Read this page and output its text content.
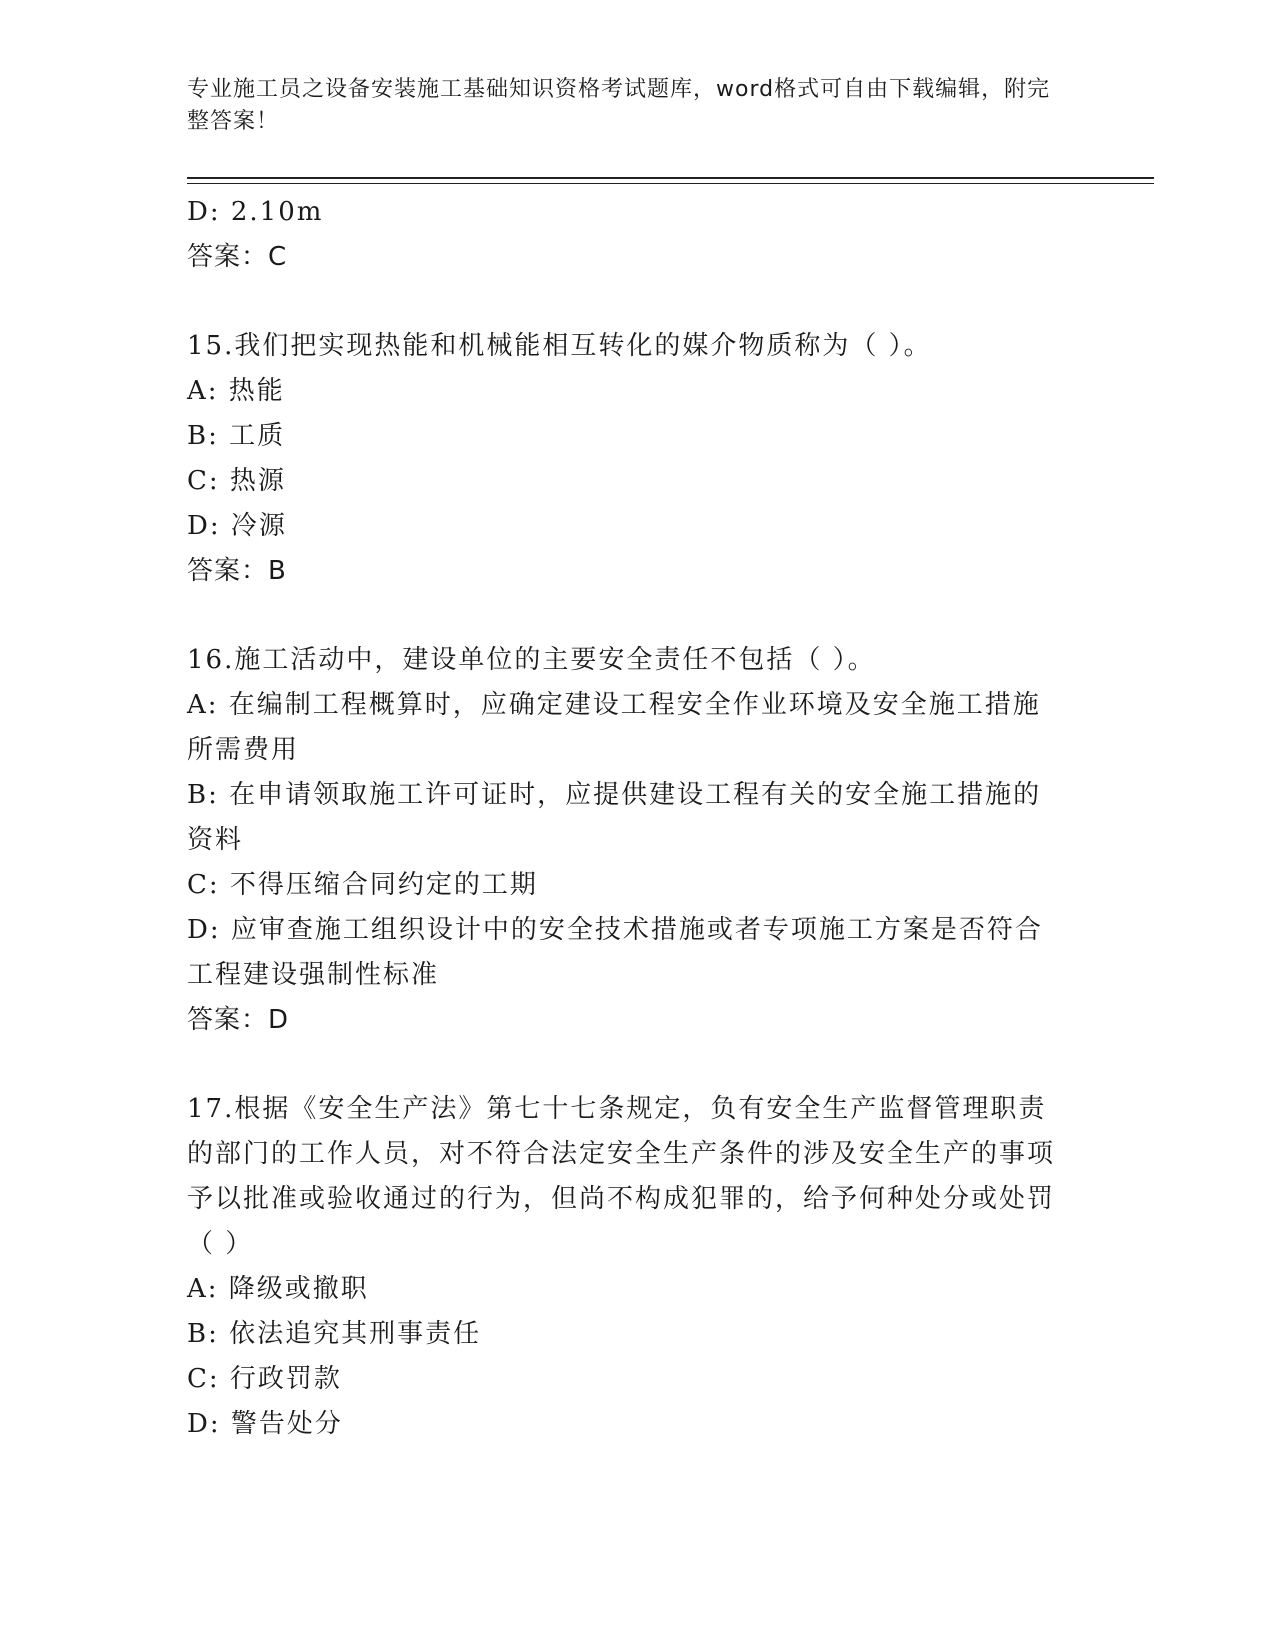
专业施工员之设备安装施工基础知识资格考试题库，word格式可自由下载编辑，附完整答案！

D: 2.10m

答案：C

15.我们把实现热能和机械能相互转化的媒介物质称为（ ）。

A: 热能

B: 工质

C: 热源

D: 冷源

答案：B

16.施工活动中，建设单位的主要安全责任不包括（ ）。

A: 在编制工程概算时，应确定建设工程安全作业环境及安全施工措施所需费用

B: 在申请领取施工许可证时，应提供建设工程有关的安全施工措施的资料

C: 不得压缩合同约定的工期

D: 应审查施工组织设计中的安全技术措施或者专项施工方案是否符合工程建设强制性标准

答案：D

17.根据《安全生产法》第七十七条规定，负有安全生产监督管理职责的部门的工作人员，对不符合法定安全生产条件的涉及安全生产的事项予以批准或验收通过的行为，但尚不构成犯罪的，给予何种处分或处罚（ ）

A: 降级或撤职

B: 依法追究其刑事责任

C: 行政罚款

D: 警告处分
